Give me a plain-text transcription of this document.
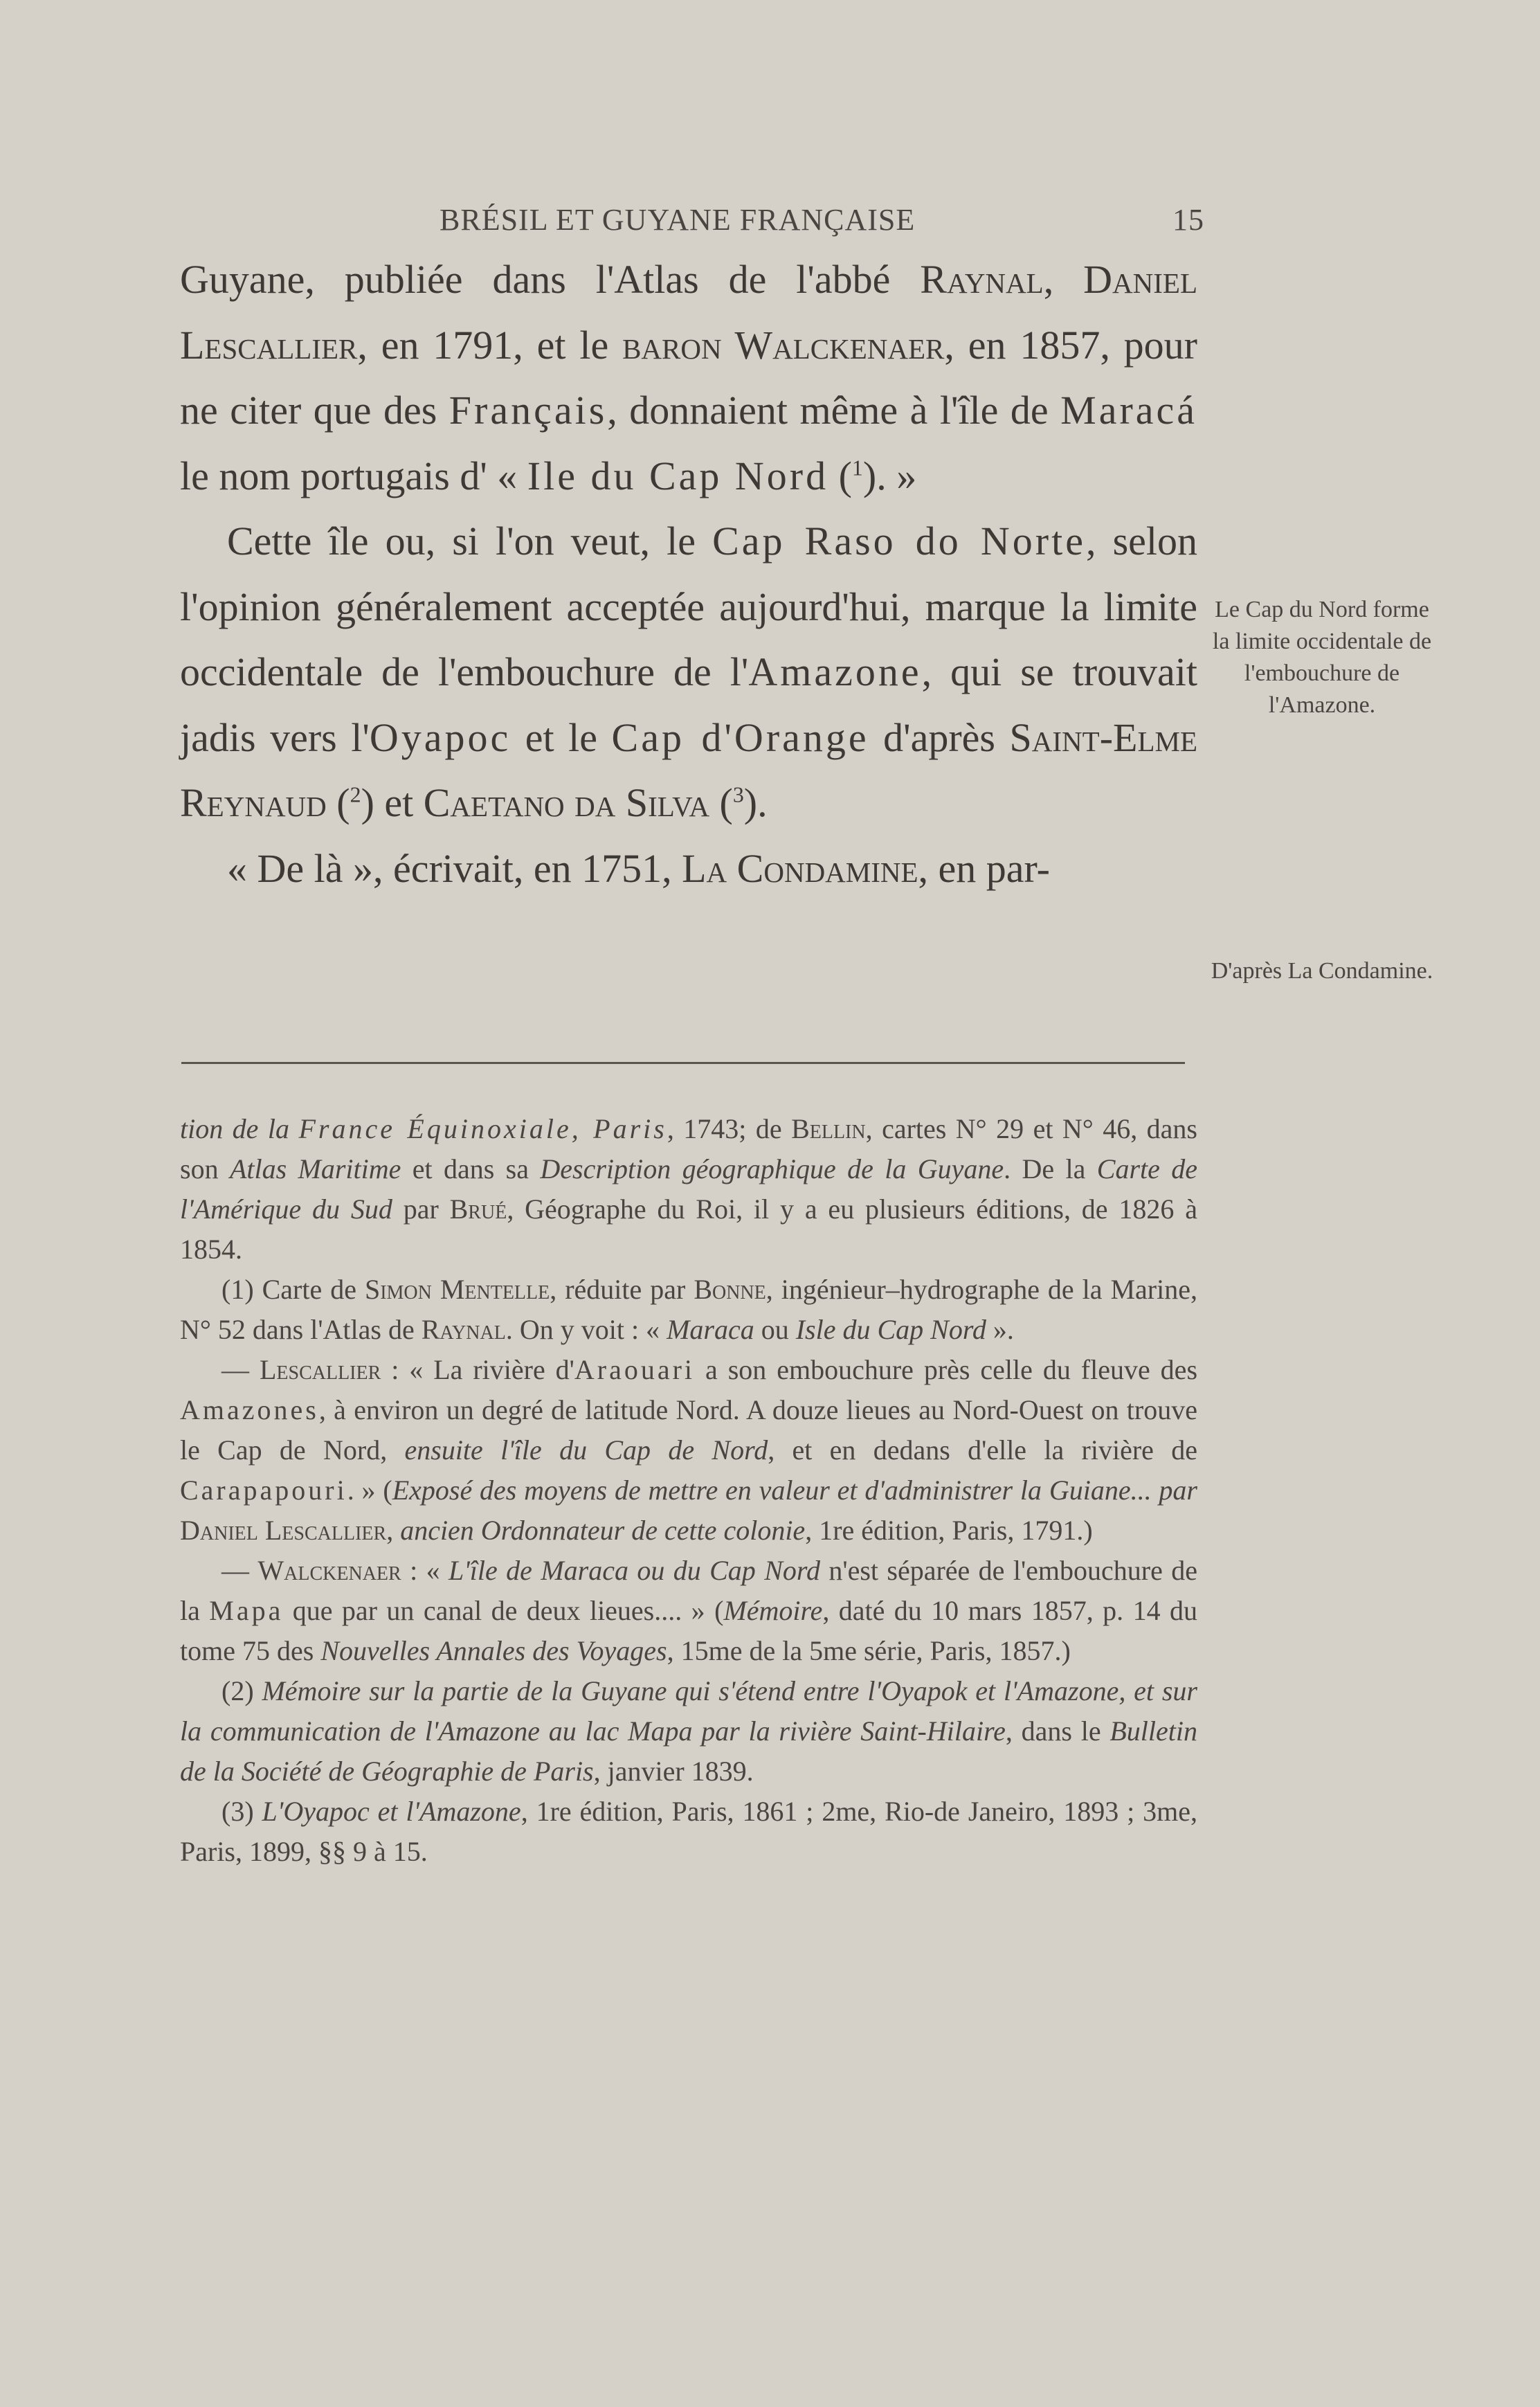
BRÉSIL ET GUYANE FRANÇAISE	15

Guyane, publiée dans l'Atlas de l'abbé Raynal, Daniel Lescallier, en 1791, et le baron Walckenaer, en 1857, pour ne citer que des Français, donnaient même à l'île de Maracá le nom portugais d' « Ile du Cap Nord ($^1$). »

Cette île ou, si l'on veut, le Cap Raso do Norte, selon l'opinion généralement acceptée aujourd'hui, marque la limite occidentale de l'embouchure de l'Amazone, qui se trouvait jadis vers l'Oyapoc et le Cap d'Orange d'après Saint-Elme Reynaud ($^2$) et Caetano da Silva ($^3$).

« De là », écrivait, en 1751, La Condamine, en par-

Le Cap du Nord forme la limite occidentale de l'embouchure de l'Amazone.
D'après La Condamine.

tion de la France Équinoxiale, Paris, 1743; de Bellin, cartes N° 29 et N° 46, dans son Atlas Maritime et dans sa Description géographique de la Guyane. De la Carte de l'Amérique du Sud par Brué, Géographe du Roi, il y a eu plusieurs éditions, de 1826 à 1854.

(1) Carte de Simon Mentelle, réduite par Bonne, ingénieur–hydrographe de la Marine, N° 52 dans l'Atlas de Raynal. On y voit : « Maraca ou Isle du Cap Nord ».

— Lescallier : « La rivière d'Araouari a son embouchure près celle du fleuve des Amazones, à environ un degré de latitude Nord. A douze lieues au Nord-Ouest on trouve le Cap de Nord, ensuite l'île du Cap de Nord, et en dedans d'elle la rivière de Carapapouri. » (Exposé des moyens de mettre en valeur et d'administrer la Guiane... par Daniel Lescallier, ancien Ordonnateur de cette colonie, 1re édition, Paris, 1791.)

— Walckenaer : « L'île de Maraca ou du Cap Nord n'est séparée de l'embouchure de la Mapa que par un canal de deux lieues.... » (Mémoire, daté du 10 mars 1857, p. 14 du tome 75 des Nouvelles Annales des Voyages, 15me de la 5me série, Paris, 1857.)

(2) Mémoire sur la partie de la Guyane qui s'étend entre l'Oyapok et l'Amazone, et sur la communication de l'Amazone au lac Mapa par la rivière Saint-Hilaire, dans le Bulletin de la Société de Géographie de Paris, janvier 1839.

(3) L'Oyapoc et l'Amazone, 1re édition, Paris, 1861 ; 2me, Rio-de Janeiro, 1893 ; 3me, Paris, 1899, §§ 9 à 15.
